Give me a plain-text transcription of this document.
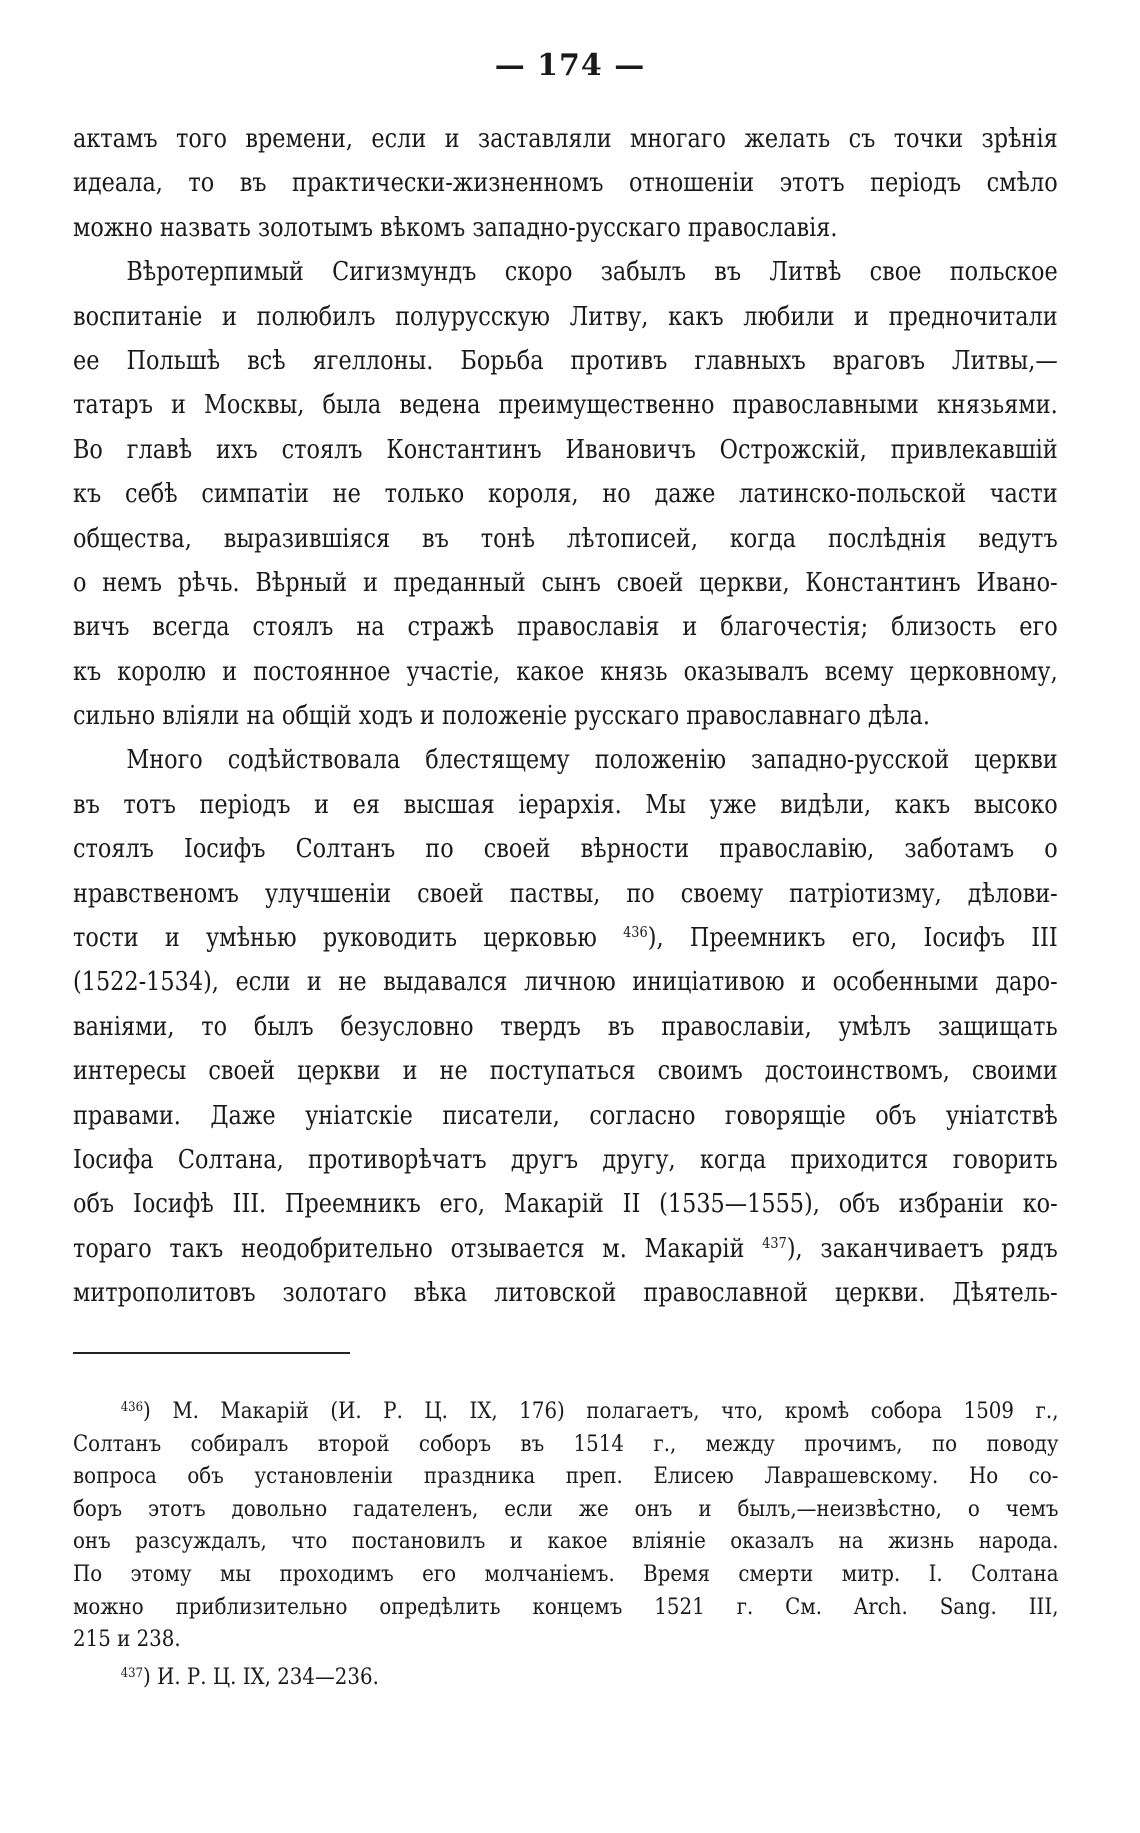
— 174 —
актамъ того времени, если и заставляли многаго желать съ точки зрѣнія
идеала, то въ практически-жизненномъ отношеніи этотъ періодъ смѣло
можно назвать золотымъ вѣкомъ западно-русскаго православія.
Вѣротерпимый Сигизмундъ скоро забылъ въ Литвѣ свое польское
воспитаніе и полюбилъ полурусскую Литву, какъ любили и предночитали
ее Польшѣ всѣ ягеллоны. Борьба противъ главныхъ враговъ Литвы,—
татаръ и Москвы, была ведена преимущественно православными князьями.
Во главѣ ихъ стоялъ Константинъ Ивановичъ Острожскій, привлекавшій
къ себѣ симпатіи не только короля, но даже латинско-польской части
общества, выразившіяся въ тонѣ лѣтописей, когда послѣднія ведутъ
о немъ рѣчь. Вѣрный и преданный сынъ своей церкви, Константинъ Ивано-
вичъ всегда стоялъ на стражѣ православія и благочестія; близость его
къ королю и постоянное участіе, какое князь оказывалъ всему церковному,
сильно вліяли на общій ходъ и положеніе русскаго православнаго дѣла.
Много содѣйствовала блестящему положенію западно-русской церкви
въ тотъ періодъ и ея высшая іерархія. Мы уже видѣли, какъ высоко
стоялъ Іосифъ Солтанъ по своей вѣрности православію, заботамъ о
нравственомъ улучшеніи своей паствы, по своему патріотизму, дѣлови-
тости и умѣнью руководить церковью $^{436}$), Преемникъ его, Іосифъ III
(1522-1534), если и не выдавался личною иниціативою и особенными даро-
ваніями, то былъ безусловно твердъ въ православіи, умѣлъ защищать
интересы своей церкви и не поступаться своимъ достоинствомъ, своими
правами. Даже уніатскіе писатели, согласно говорящіе объ уніатствѣ
Іосифа Солтана, противорѣчатъ другъ другу, когда приходится говорить
объ Іосифѣ III. Преемникъ его, Макарій II (1535—1555), объ избраніи ко-
тораго такъ неодобрительно отзывается м. Макарій $^{437}$), заканчиваетъ рядъ
митрополитовъ золотаго вѣка литовской православной церкви. Дѣятель-
$^{436}$) М. Макарій (И. Р. Ц. IX, 176) полагаетъ, что, кромѣ собора 1509 г.,
Солтанъ собиралъ второй соборъ въ 1514 г., между прочимъ, по поводу
вопроса объ установленіи праздника преп. Елисею Лаврашевскому. Но со-
боръ этотъ довольно гадателенъ, если же онъ и былъ,—неизвѣстно, о чемъ
онъ разсуждалъ, что постановилъ и какое вліяніе оказалъ на жизнь народа.
По этому мы проходимъ его молчаніемъ. Время смерти митр. І. Солтана
можно приблизительно опредѣлить концемъ 1521 г. См. Arch. Sang. III,
215 и 238.
$^{437}$) И. Р. Ц. IX, 234—236.
